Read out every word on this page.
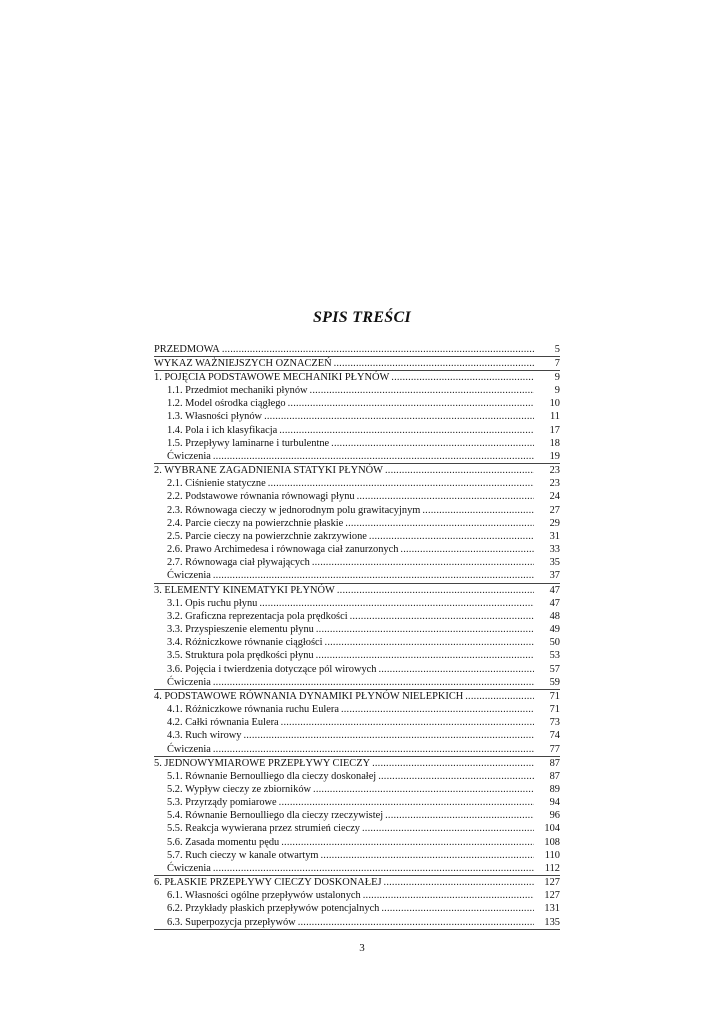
SPIS TREŚCI
PRZEDMOWA . . .	5
WYKAZ WAŻNIEJSZYCH OZNACZEŃ . . .	7
1. POJĘCIA PODSTAWOWE MECHANIKI PŁYNÓW . . .	9
1.1. Przedmiot mechaniki płynów . . .	9
1.2. Model ośrodka ciągłego . . .	10
1.3. Własności płynów . . .	11
1.4. Pola i ich klasyfikacja . . .	17
1.5. Przepływy laminarne i turbulentne . . .	18
Ćwiczenia . . .	19
2. WYBRANE ZAGADNIENIA STATYKI PŁYNÓW . . .	23
2.1. Ciśnienie statyczne . . .	23
2.2. Podstawowe równania równowagi płynu . . .	24
2.3. Równowaga cieczy w jednorodnym polu grawitacyjnym . . .	27
2.4. Parcie cieczy na powierzchnie płaskie . . .	29
2.5. Parcie cieczy na powierzchnie zakrzywione . . .	31
2.6. Prawo Archimedesa i równowaga ciał zanurzonych . . .	33
2.7. Równowaga ciał pływających . . .	35
Ćwiczenia . . .	37
3. ELEMENTY KINEMATYKI PŁYNÓW . . .	47
3.1. Opis ruchu płynu . . .	47
3.2. Graficzna reprezentacja pola prędkości . . .	48
3.3. Przyspieszenie elementu płynu . . .	49
3.4. Różniczkowe równanie ciągłości . . .	50
3.5. Struktura pola prędkości płynu . . .	53
3.6. Pojęcia i twierdzenia dotyczące pól wirowych . . .	57
Ćwiczenia . . .	59
4. PODSTAWOWE RÓWNANIA DYNAMIKI PŁYNÓW NIELEPKICH . . .	71
4.1. Różniczkowe równania ruchu Eulera . . .	71
4.2. Całki równania Eulera . . .	73
4.3. Ruch wirowy . . .	74
Ćwiczenia . . .	77
5. JEDNOWYMIAROWE PRZEPŁYWY CIECZY . . .	87
5.1. Równanie Bernoulliego dla cieczy doskonałej . . .	87
5.2. Wypływ cieczy ze zbiorników . . .	89
5.3. Przyrządy pomiarowe . . .	94
5.4. Równanie Bernoulliego dla cieczy rzeczywistej . . .	96
5.5. Reakcja wywierana przez strumień cieczy . . .	104
5.6. Zasada momentu pędu . . .	108
5.7. Ruch cieczy w kanale otwartym . . .	110
Ćwiczenia . . .	112
6. PŁASKIE PRZEPŁYWY CIECZY DOSKONAŁEJ . . .	127
6.1. Własności ogólne przepływów ustalonych . . .	127
6.2. Przykłady płaskich przepływów potencjalnych . . .	131
6.3. Superpozycja przepływów . . .	135
3
